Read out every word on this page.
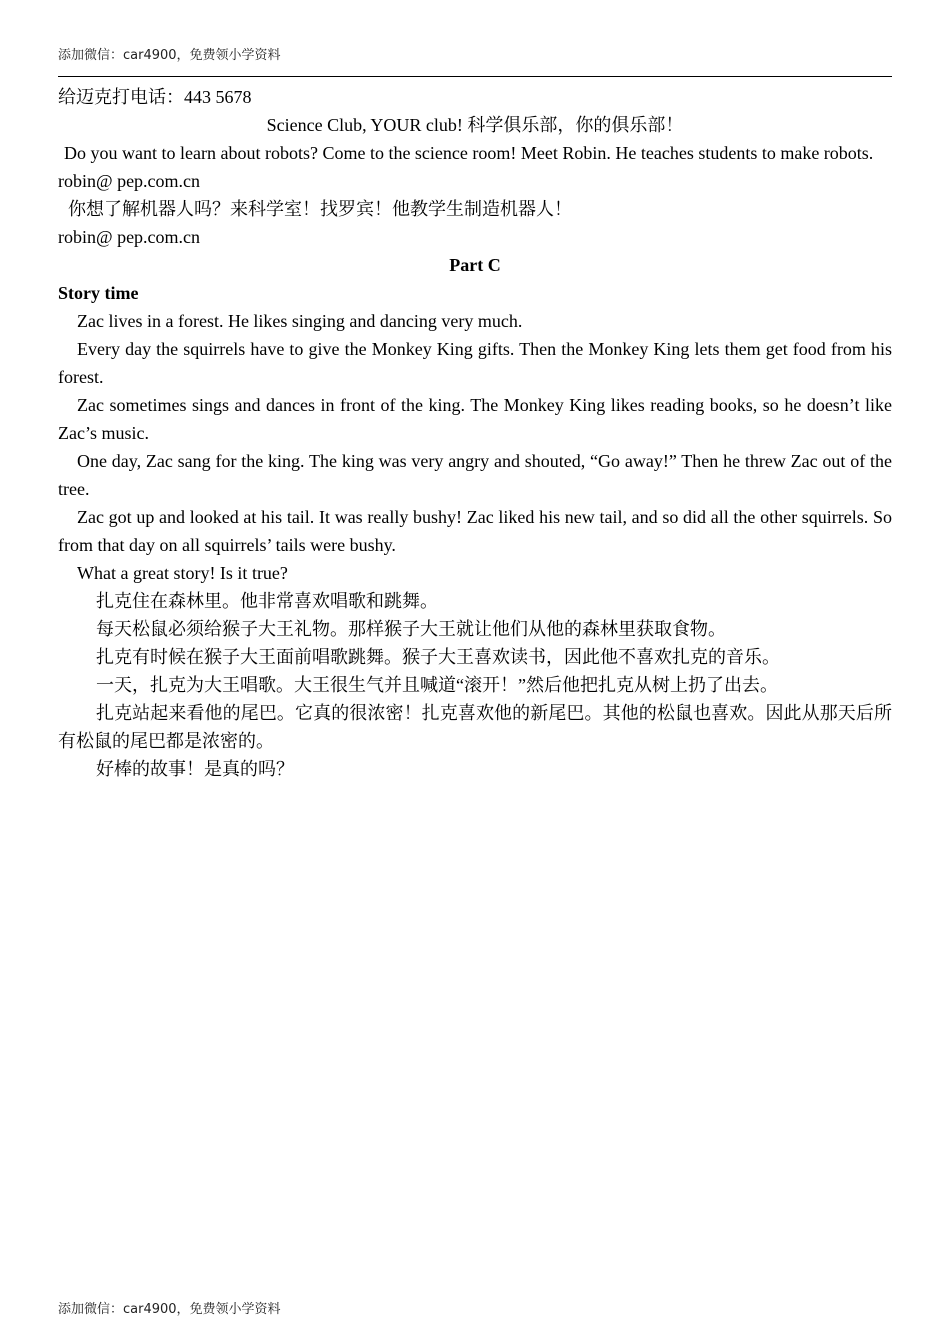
添加微信：car4900，免费领小学资料

给迈克打电话：443 5678

Science Club, YOUR club! 科学俱乐部，你的俱乐部！

Do you want to learn about robots? Come to the science room! Meet Robin. He teaches students to make robots.

robin@ pep.com.cn

你想了解机器人吗？来科学室！找罗宾！他教学生制造机器人！

robin@ pep.com.cn

Part C

Story time

Zac lives in a forest. He likes singing and dancing very much.

Every day the squirrels have to give the Monkey King gifts. Then the Monkey King lets them get food from his forest.

Zac sometimes sings and dances in front of the king. The Monkey King likes reading books, so he doesn’t like Zac’s music.

One day, Zac sang for the king. The king was very angry and shouted, “Go away!” Then he threw Zac out of the tree.

Zac got up and looked at his tail. It was really bushy! Zac liked his new tail, and so did all the other squirrels. So from that day on all squirrels’ tails were bushy.

What a great story! Is it true?

扎克住在森林里。他非常喜欢唱歌和跳舞。

每天松鼠必须给猴子大王礼物。那样猴子大王就让他们从他的森林里获取食物。

扎克有时候在猴子大王面前唱歌跳舞。猴子大王喜欢读书，因此他不喜欢扎克的音乐。

一天，扎克为大王唱歌。大王很生气并且喊道“滚开！”然后他把扎克从树上扔了出去。

扎克站起来看他的尾巴。它真的很浓密！扎克喜欢他的新尾巴。其他的松鼠也喜欢。因此从那天后所有松鼠的尾巴都是浓密的。

好棒的故事！是真的吗？

添加微信：car4900，免费领小学资料
